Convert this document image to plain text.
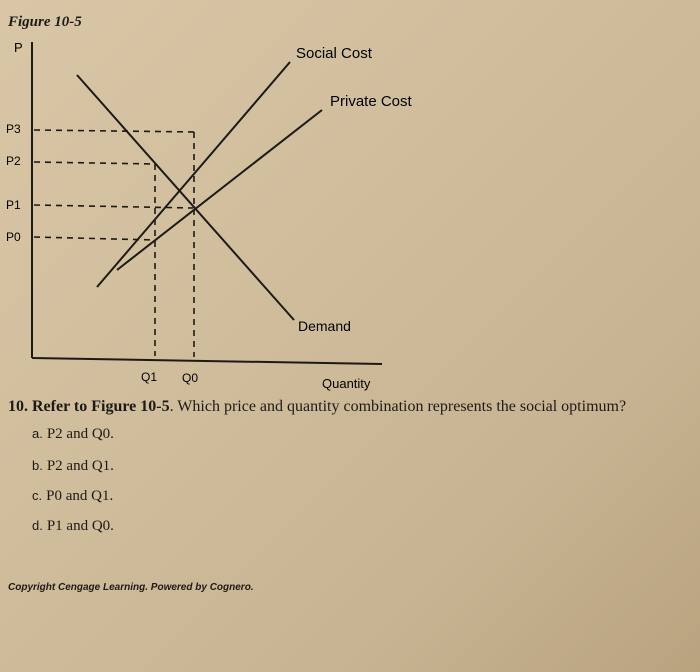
Figure 10-5
P
P3
P2
P1
P0
Q1 Q0	Quantity
Social Cost
Private Cost
Demand
10. Refer to Figure 10-5. Which price and quantity combination represents the social optimum?
a. P2 and Q0.
b. P2 and Q1.
c. P0 and Q1.
d. P1 and Q0.
Copyright Cengage Learning. Powered by Cognero.
